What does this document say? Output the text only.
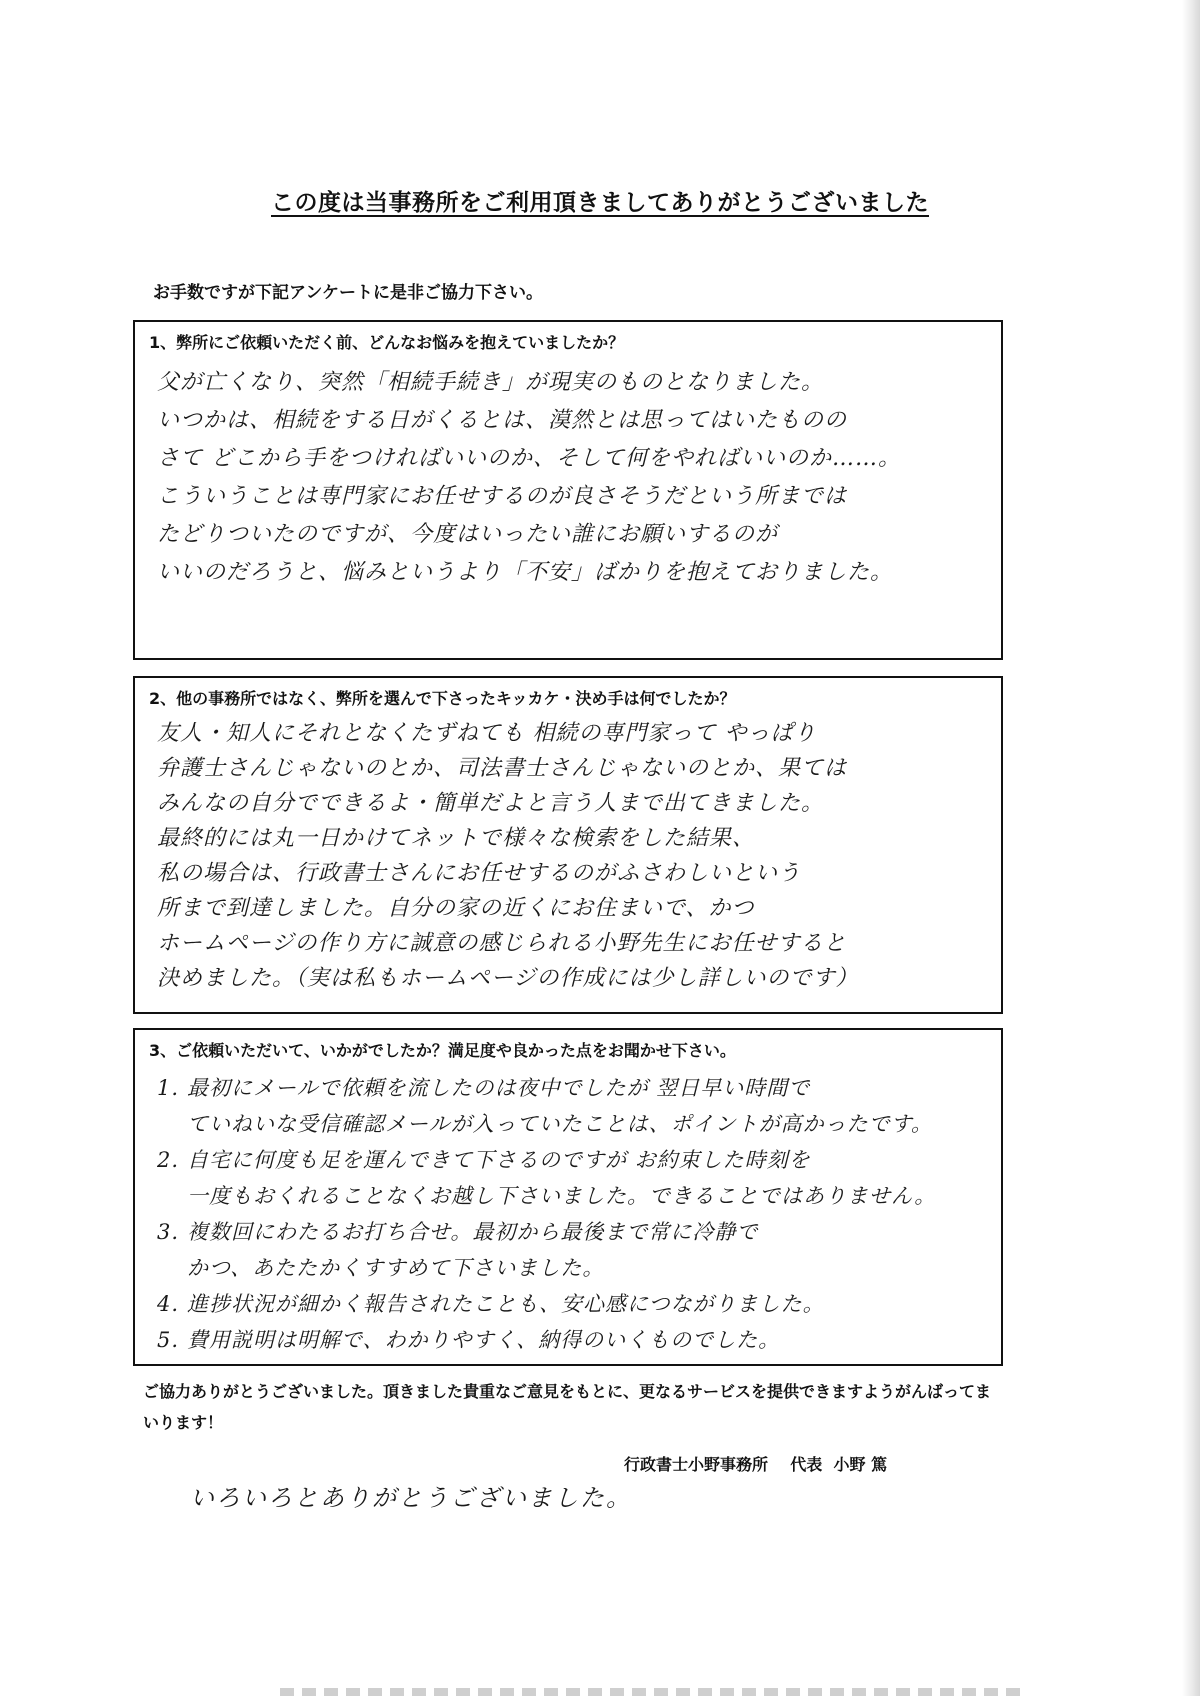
この度は当事務所をご利用頂きましてありがとうございました
お手数ですが下記アンケートに是非ご協力下さい。
1、弊所にご依頼いただく前、どんなお悩みを抱えていましたか？
父が亡くなり、突然「相続手続き」が現実のものとなりました。
いつかは、相続をする日がくるとは、漠然とは思ってはいたものの
さて どこから手をつければいいのか、そして何をやればいいのか……。
こういうことは専門家にお任せするのが良さそうだという所までは
たどりついたのですが、今度はいったい誰にお願いするのが
いいのだろうと、悩みというより「不安」ばかりを抱えておりました。
2、他の事務所ではなく、弊所を選んで下さったキッカケ・決め手は何でしたか？
友人・知人にそれとなくたずねても 相続の専門家って やっぱり
弁護士さんじゃないのとか、司法書士さんじゃないのとか、果ては
みんなの自分でできるよ・簡単だよと言う人まで出てきました。
最終的には丸一日かけてネットで様々な検索をした結果、
私の場合は、行政書士さんにお任せするのがふさわしいという
所まで到達しました。自分の家の近くにお住まいで、かつ
ホームページの作り方に誠意の感じられる小野先生にお任せすると
決めました。（実は私もホームページの作成には少し詳しいのです）
3、ご依頼いただいて、いかがでしたか？満足度や良かった点をお聞かせ下さい。
1. 最初にメールで依頼を流したのは夜中でしたが 翌日早い時間で
ていねいな受信確認メールが入っていたことは、ポイントが高かったです。
2. 自宅に何度も足を運んできて下さるのですが お約束した時刻を
一度もおくれることなくお越し下さいました。できることではありません。
3. 複数回にわたるお打ち合せ。最初から最後まで常に冷静で
かつ、あたたかくすすめて下さいました。
4. 進捗状況が細かく報告されたことも、安心感につながりました。
5. 費用説明は明解で、わかりやすく、納得のいくものでした。
ご協力ありがとうございました。頂きました貴重なご意見をもとに、更なるサービスを提供できますようがんばってまいります！
行政書士小野事務所 代表 小野 篤
いろいろとありがとうございました。
